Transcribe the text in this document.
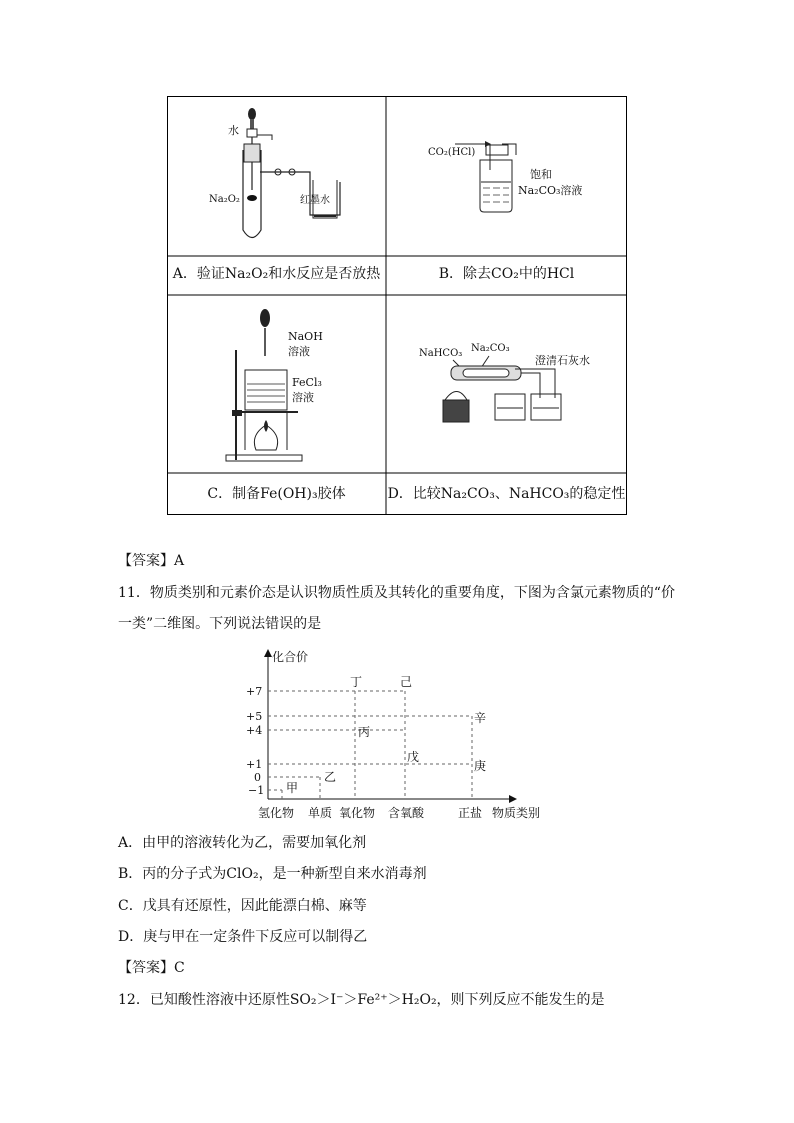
水
Na₂O₂	红墨水
CO₂(HCl)
饱和
Na₂CO₃溶液
NaOH
溶液
FeCl₃
溶液
NaHCO₃ Na₂CO₃
澄清石灰水
A．验证Na₂O₂和水反应是否放热	B．除去CO₂中的HCl
C．制备Fe(OH)₃胶体	D．比较Na₂CO₃、NaHCO₃的稳定性
【答案】A
11．物质类别和元素价态是认识物质性质及其转化的重要角度，下图为含氯元素物质的“价
一类”二维图。下列说法错误的是
化合价
+7
+5
+4
+1
0
−1 甲
乙
丙
丁
戊
己
庚
辛
氢化物 单质 氧化物 含氧酸	正盐 物质类别
A．由甲的溶液转化为乙，需要加氧化剂
B．丙的分子式为ClO₂，是一种新型自来水消毒剂
C．戊具有还原性，因此能漂白棉、麻等
D．庚与甲在一定条件下反应可以制得乙
【答案】C
12．已知酸性溶液中还原性SO₂＞I⁻＞Fe²⁺＞H₂O₂，则下列反应不能发生的是
